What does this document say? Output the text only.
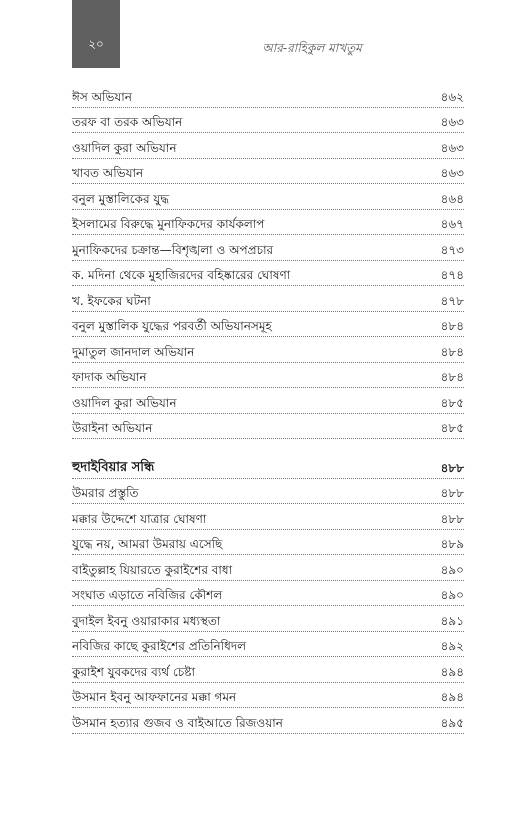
২০	আর-রাহিকুল মাখতুম
ঈস অভিযান	৪৬২
তরফ বা তরক অভিযান	৪৬৩
ওয়াদিল কুরা অভিযান	৪৬৩
খাবত অভিযান	৪৬৩
বনুল মুস্তালিকের যুদ্ধ	৪৬৪
ইসলামের বিরুদ্ধে মুনাফিকদের কার্যকলাপ	৪৬৭
মুনাফিকদের চক্রান্ত—বিশৃঙ্খলা ও অপপ্রচার	৪৭৩
ক. মদিনা থেকে মুহাজিরদের বহিষ্কারের ঘোষণা	৪৭৪
খ. ইফকের ঘটনা	৪৭৮
বনুল মুস্তালিক যুদ্ধের পরবর্তী অভিযানসমূহ	৪৮৪
দুমাতুল জানদাল অভিযান	৪৮৪
ফাদাক অভিযান	৪৮৪
ওয়াদিল কুরা অভিযান	৪৮৫
উরাইনা অভিযান	৪৮৫
হুদাইবিয়ার সন্ধি	৪৮৮
উমরার প্রস্তুতি	৪৮৮
মক্কার উদ্দেশে যাত্রার ঘোষণা	৪৮৮
যুদ্ধে নয়, আমরা উমরায় এসেছি	৪৮৯
বাইতুল্লাহ যিয়ারতে কুরাইশের বাধা	৪৯০
সংঘাত এড়াতে নবিজির কৌশল	৪৯০
বুদাইল ইবনু ওয়ারাকার মধ্যস্থতা	৪৯১
নবিজির কাছে কুরাইশের প্রতিনিধিদল	৪৯২
কুরাইশ যুবকদের ব্যর্থ চেষ্টা	৪৯৪
উসমান ইবনু আফফানের মক্কা গমন	৪৯৪
উসমান হত্যার গুজব ও বাইআতে রিজওয়ান	৪৯৫
